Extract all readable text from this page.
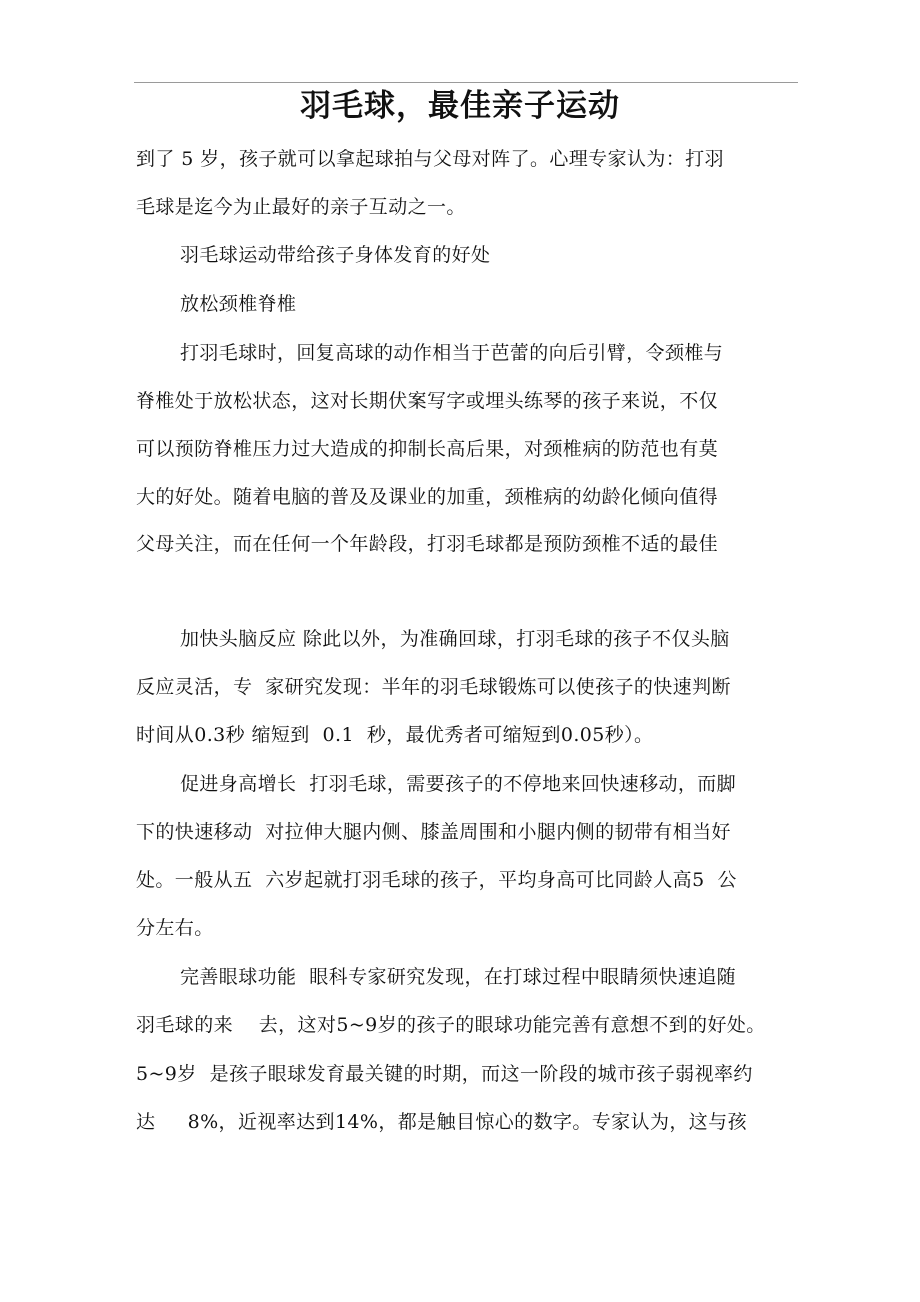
羽毛球，最佳亲子运动

到了 5 岁，孩子就可以拿起球拍与父母对阵了。心理专家认为：打羽

毛球是迄今为止最好的亲子互动之一。

羽毛球运动带给孩子身体发育的好处

放松颈椎脊椎

打羽毛球时，回复高球的动作相当于芭蕾的向后引臂，令颈椎与

脊椎处于放松状态，这对长期伏案写字或埋头练琴的孩子来说，不仅

可以预防脊椎压力过大造成的抑制长高后果，对颈椎病的防范也有莫

大的好处。随着电脑的普及及课业的加重，颈椎病的幼龄化倾向值得

父母关注，而在任何一个年龄段，打羽毛球都是预防颈椎不适的最佳

加快头脑反应 除此以外，为准确回球，打羽毛球的孩子不仅头脑

反应灵活，专  家研究发现：半年的羽毛球锻炼可以使孩子的快速判断

时间从0.3秒 缩短到  0.1  秒，最优秀者可缩短到0.05秒）。

促进身高增长  打羽毛球，需要孩子的不停地来回快速移动，而脚

下的快速移动  对拉伸大腿内侧、膝盖周围和小腿内侧的韧带有相当好

处。一般从五  六岁起就打羽毛球的孩子，平均身高可比同龄人高5  公

分左右。

完善眼球功能  眼科专家研究发现，在打球过程中眼睛须快速追随

羽毛球的来    去，这对5~9岁的孩子的眼球功能完善有意想不到的好处。

5~9岁  是孩子眼球发育最关键的时期，而这一阶段的城市孩子弱视率约

达     8%，近视率达到14%，都是触目惊心的数字。专家认为，这与孩
